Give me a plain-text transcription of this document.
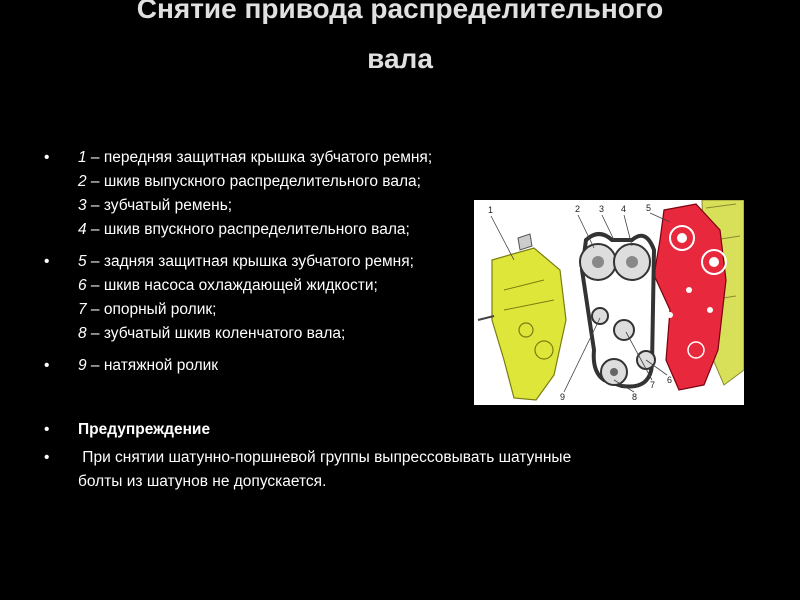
Снятие привода распределительного
вала
• 1 – передняя защитная крышка зубчатого ремня;
2 – шкив выпускного распределительного вала;
3 – зубчатый ремень;
4 – шкив впускного распределительного вала;
• 5 – задняя защитная крышка зубчатого ремня;
6 – шкив насоса охлаждающей жидкости;
7 – опорный ролик;
8 – зубчатый шкив коленчатого вала;
• 9 – натяжной ролик
• Предупреждение
• При снятии шатунно-поршневой группы выпрессовывать шатунные
болты из шатунов не допускается.
1	2 3 4 5
6
7
8
9
